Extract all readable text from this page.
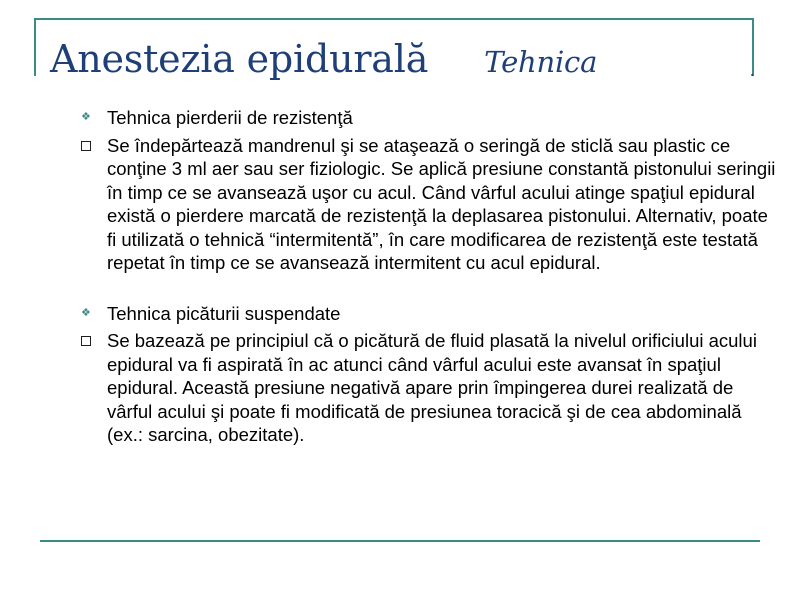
Anestezia epidurală Tehnica	.
❖ Tehnica pierderii de rezistenţă
Se îndepărtează mandrenul şi se ataşează o seringă de sticlă sau plastic ce conţine 3 ml aer sau ser fiziologic. Se aplică presiune constantă pistonului seringii în timp ce se avansează uşor cu acul. Când vârful acului atinge spaţiul epidural există o pierdere marcată de rezistenţă la deplasarea pistonului. Alternativ, poate fi utilizată o tehnică “intermitentă”, în care modificarea de rezistenţă este testată repetat în timp ce se avansează intermitent cu acul epidural.
❖ Tehnica picăturii suspendate
Se bazează pe principiul că o picătură de fluid plasată la nivelul orificiului acului epidural va fi aspirată în ac atunci când vârful acului este avansat în spaţiul epidural. Această presiune negativă apare prin împingerea durei realizată de vârful acului şi poate fi modificată de presiunea toracică şi de cea abdominală (ex.: sarcina, obezitate).
